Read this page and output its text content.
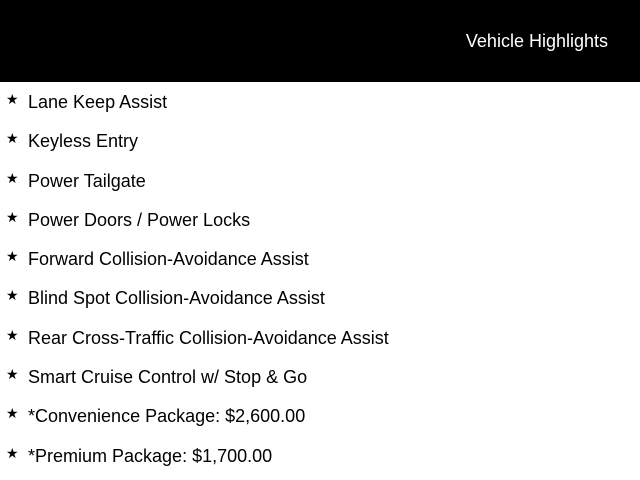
Vehicle Highlights
★ Lane Keep Assist
★ Keyless Entry
★ Power Tailgate
★ Power Doors / Power Locks
★ Forward Collision-Avoidance Assist
★ Blind Spot Collision-Avoidance Assist
★ Rear Cross-Traffic Collision-Avoidance Assist
★ Smart Cruise Control w/ Stop & Go
★ *Convenience Package: $2,600.00
★ *Premium Package: $1,700.00
